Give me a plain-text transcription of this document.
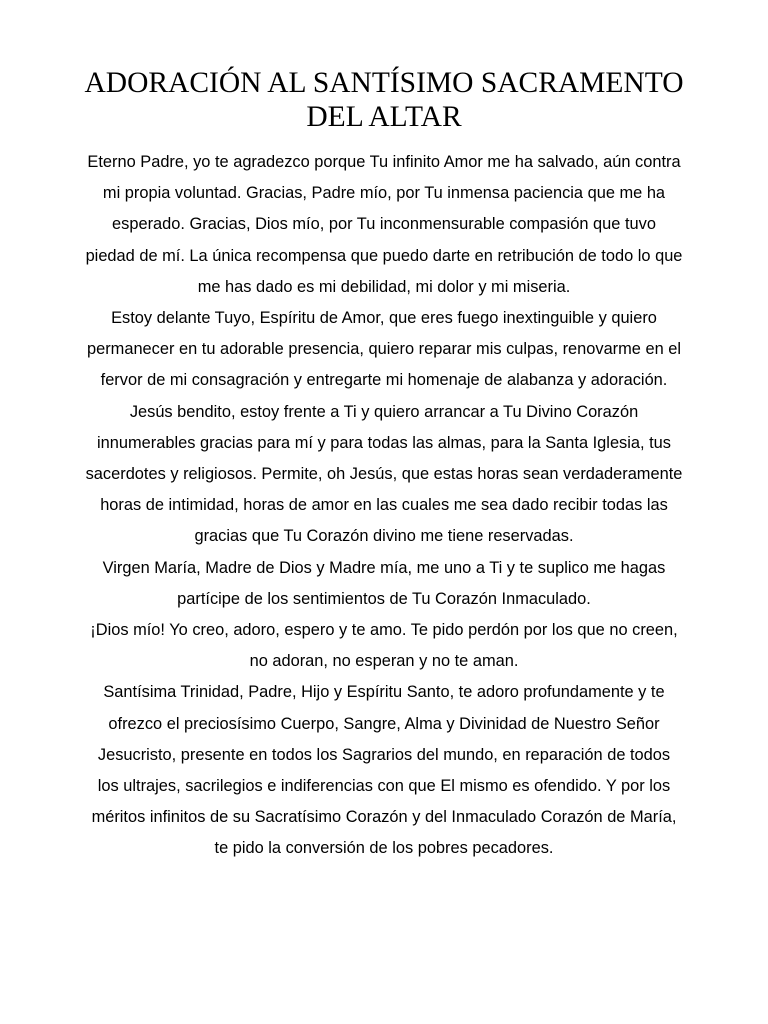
ADORACIÓN AL SANTÍSIMO SACRAMENTO
DEL ALTAR

Eterno Padre, yo te agradezco porque Tu infinito Amor me ha salvado, aún contra
mi propia voluntad. Gracias, Padre mío, por Tu inmensa paciencia que me ha
esperado. Gracias, Dios mío, por Tu inconmensurable compasión que tuvo
piedad de mí. La única recompensa que puedo darte en retribución de todo lo que
me has dado es mi debilidad, mi dolor y mi miseria.

Estoy delante Tuyo, Espíritu de Amor, que eres fuego inextinguible y quiero
permanecer en tu adorable presencia, quiero reparar mis culpas, renovarme en el
fervor de mi consagración y entregarte mi homenaje de alabanza y adoración.

Jesús bendito, estoy frente a Ti y quiero arrancar a Tu Divino Corazón
innumerables gracias para mí y para todas las almas, para la Santa Iglesia, tus
sacerdotes y religiosos. Permite, oh Jesús, que estas horas sean verdaderamente
horas de intimidad, horas de amor en las cuales me sea dado recibir todas las
gracias que Tu Corazón divino me tiene reservadas.

Virgen María, Madre de Dios y Madre mía, me uno a Ti y te suplico me hagas
partícipe de los sentimientos de Tu Corazón Inmaculado.

¡Dios mío! Yo creo, adoro, espero y te amo. Te pido perdón por los que no creen,
no adoran, no esperan y no te aman.

Santísima Trinidad, Padre, Hijo y Espíritu Santo, te adoro profundamente y te
ofrezco el preciosísimo Cuerpo, Sangre, Alma y Divinidad de Nuestro Señor
Jesucristo, presente en todos los Sagrarios del mundo, en reparación de todos
los ultrajes, sacrilegios e indiferencias con que El mismo es ofendido. Y por los
méritos infinitos de su Sacratísimo Corazón y del Inmaculado Corazón de María,
te pido la conversión de los pobres pecadores.
